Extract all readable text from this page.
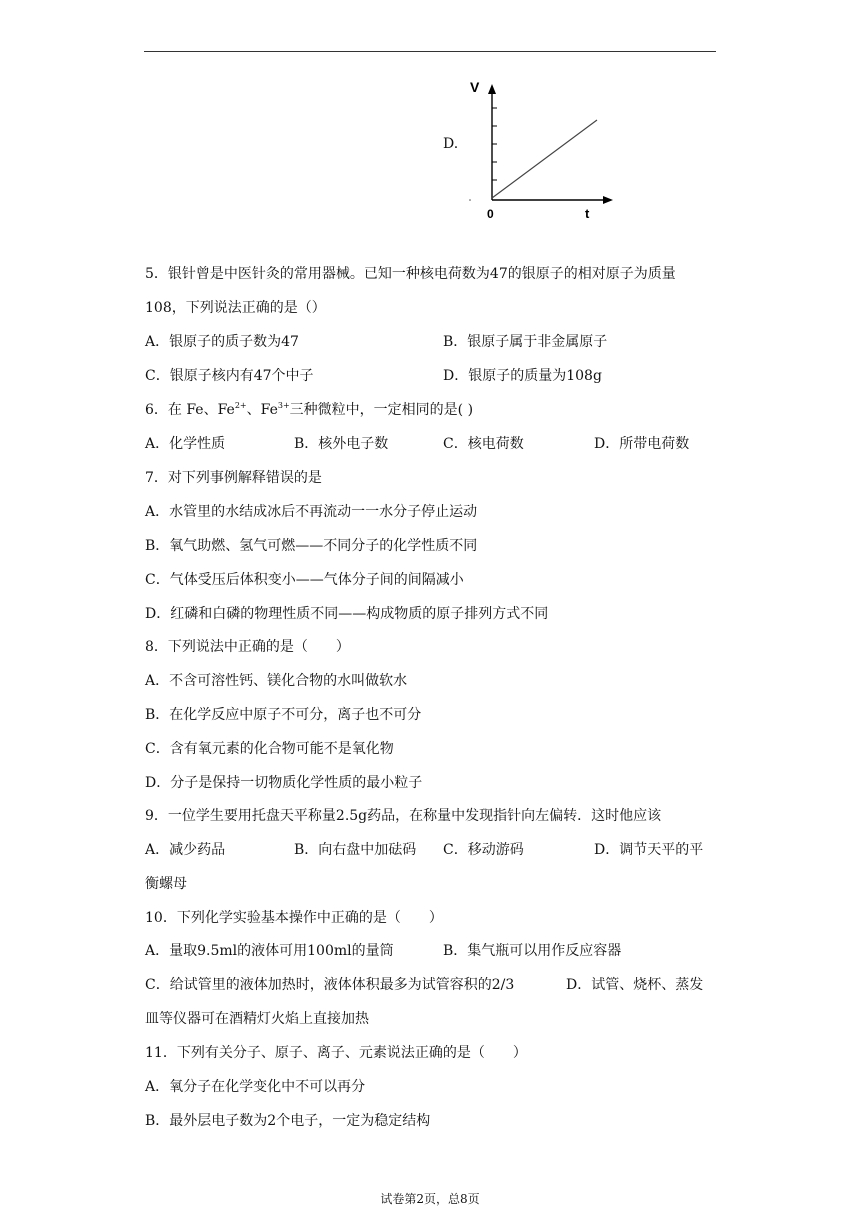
D.
V
0	t
5．银针曾是中医针灸的常用器械。已知一种核电荷数为47的银原子的相对原子为质量
108，下列说法正确的是（）
A．银原子的质子数为47	B．银原子属于非金属原子
C．银原子核内有47个中子	D．银原子的质量为108g
6．在 Fe、$Fe^{2+}$、$Fe^{3+}$三种微粒中，一定相同的是( )
A．化学性质	B．核外电子数	C．核电荷数	D．所带电荷数
7．对下列事例解释错误的是
A．水管里的水结成冰后不再流动一一水分子停止运动
B．氧气助燃、氢气可燃——不同分子的化学性质不同
C．气体受压后体积变小——气体分子间的间隔减小
D．红磷和白磷的物理性质不同——构成物质的原子排列方式不同
8．下列说法中正确的是（　　）
A．不含可溶性钙、镁化合物的水叫做软水
B．在化学反应中原子不可分，离子也不可分
C．含有氧元素的化合物可能不是氧化物
D．分子是保持一切物质化学性质的最小粒子
9．一位学生要用托盘天平称量2.5g药品，在称量中发现指针向左偏转．这时他应该
A．减少药品	B．向右盘中加砝码 C．移动游码	D．调节天平的平
衡螺母
10．下列化学实验基本操作中正确的是（　　）
A．量取9.5ml的液体可用100ml的量筒	B．集气瓶可以用作反应容器
C．给试管里的液体加热时，液体体积最多为试管容积的2/3	D．试管、烧杯、蒸发
皿等仪器可在酒精灯火焰上直接加热
11．下列有关分子、原子、离子、元素说法正确的是（　　）
A．氧分子在化学变化中不可以再分
B．最外层电子数为2个电子，一定为稳定结构
试卷第2页，总8页
